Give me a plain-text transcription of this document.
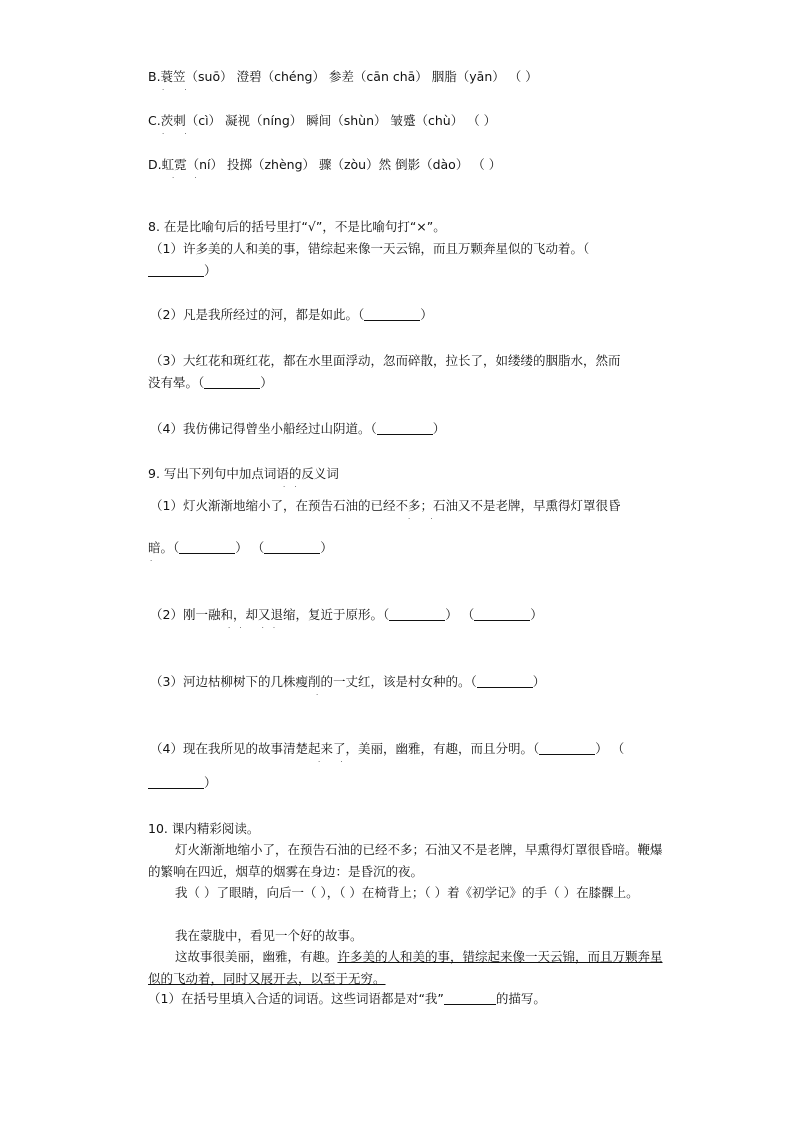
B.蓑笠（suō） 澄碧（chéng） 参差（cān chā） 胭脂（yān） （ ）
· ·
C.茨刺（cì） 凝视（níng） 瞬间（shùn） 皱蹙（chù） （ ）
· ·
D.虹霓（ní） 投掷（zhèng） 骤（zòu）然 倒影（dào） （ ）
· ·
8. 在是比喻句后的括号里打“√”，不是比喻句打“×”。
（1）许多美的人和美的事，错综起来像一天云锦，而且万颗奔星似的飞动着。（
）
（2）凡是我所经过的河，都是如此。（	）
（3）大红花和斑红花，都在水里面浮动，忽而碎散，拉长了，如缕缕的胭脂水，然而
没有晕。（	）
（4）我仿佛记得曾坐小船经过山阴道。（	）
9. 写出下列句中加点词语的反义词
··
（1）灯火渐渐地缩小了，在预告石油的已经不多；石油又不是老牌，早熏得灯罩很昏
· ·
暗。（	） （	）
·
（2）刚一融和，却又退缩，复近于原形。（	） （	）
·· ··
（3）河边枯柳树下的几株瘦削的一丈红，该是村女种的。（	）
·
（4）现在我所见的故事清楚起来了，美丽，幽雅，有趣，而且分明。（	） （
· ·
）
10. 课内精彩阅读。
灯火渐渐地缩小了，在预告石油的已经不多；石油又不是老牌，早熏得灯罩很昏暗。鞭爆的繁响在四近，烟草的烟雾在身边：是昏沉的夜。
我（ ）了眼睛，向后一（ ），（ ）在椅背上；（ ）着《初学记》的手（ ）在膝髁上。
我在蒙胧中，看见一个好的故事。
这故事很美丽，幽雅，有趣。许多美的人和美的事，错综起来像一天云锦，而且万颗奔星似的飞动着，同时又展开去，以至于无穷。
（1）在括号里填入合适的词语。这些词语都是对“我”	的描写。
